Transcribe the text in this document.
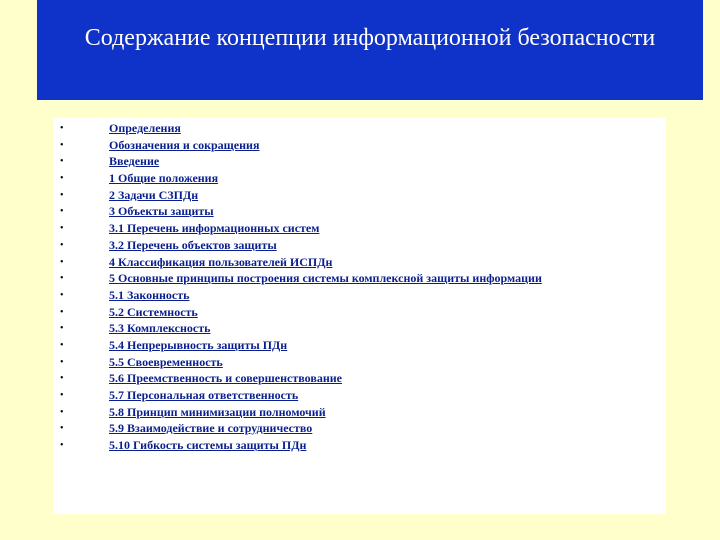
Содержание концепции информационной безопасности
•	Определения
•	Обозначения и сокращения
•	Введение
•	1 Общие положения
•	2 Задачи СЗПДн
•	3 Объекты защиты
•	3.1 Перечень информационных систем
•	3.2 Перечень объектов защиты
•	4 Классификация пользователей ИСПДн
•	5 Основные принципы построения системы комплексной защиты информации
•	5.1 Законность
•	5.2 Системность
•	5.3 Комплексность
•	5.4 Непрерывность защиты ПДн
•	5.5 Своевременность
•	5.6 Преемственность и совершенствование
•	5.7 Персональная ответственность
•	5.8 Принцип минимизации полномочий
•	5.9 Взаимодействие и сотрудничество
•	5.10 Гибкость системы защиты ПДн
